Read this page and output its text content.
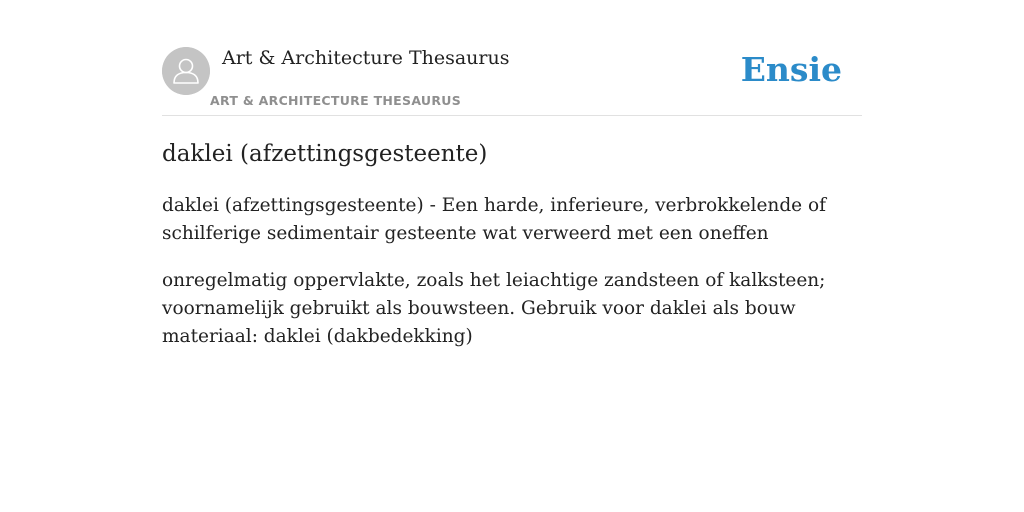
Art & Architecture Thesaurus
ART & ARCHITECTURE THESAURUS
Ensie
daklei (afzettingsgesteente)

daklei (afzettingsgesteente) - Een harde, inferieure, verbrokkelende of schilferige sedimentair gesteente wat verweerd met een oneffen

onregelmatig oppervlakte, zoals het leiachtige zandsteen of kalksteen; voornamelijk gebruikt als bouwsteen. Gebruik voor daklei als bouw materiaal: daklei (dakbedekking)
